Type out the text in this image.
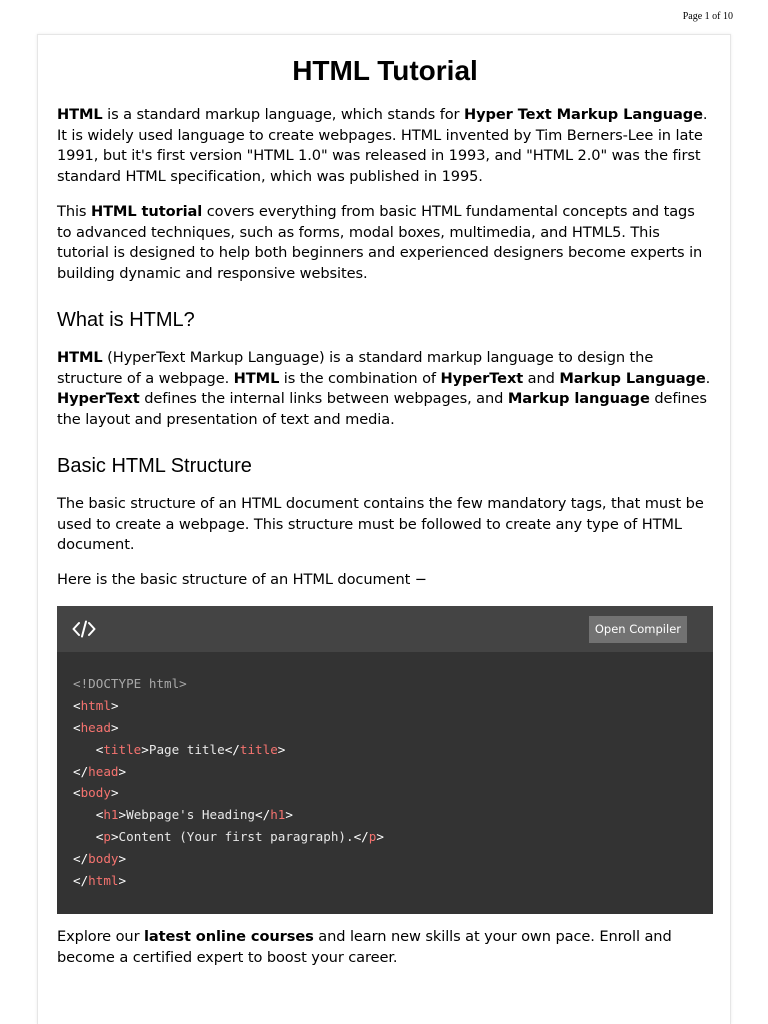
Page 1 of 10
HTML Tutorial

HTML is a standard markup language, which stands for Hyper Text Markup Language. It is widely used language to create webpages. HTML invented by Tim Berners-Lee in late 1991, but it's first version "HTML 1.0" was released in 1993, and "HTML 2.0" was the first standard HTML specification, which was published in 1995.

This HTML tutorial covers everything from basic HTML fundamental concepts and tags to advanced techniques, such as forms, modal boxes, multimedia, and HTML5. This tutorial is designed to help both beginners and experienced designers become experts in building dynamic and responsive websites.

What is HTML?

HTML (HyperText Markup Language) is a standard markup language to design the structure of a webpage. HTML is the combination of HyperText and Markup Language. HyperText defines the internal links between webpages, and Markup language defines the layout and presentation of text and media.

Basic HTML Structure

The basic structure of an HTML document contains the few mandatory tags, that must be used to create a webpage. This structure must be followed to create any type of HTML document.

Here is the basic structure of an HTML document −

Open Compiler
<!DOCTYPE html>
<html>
<head>
<title>Page title</title>
</head>
<body>
<h1>Webpage's Heading</h1>
<p>Content (Your first paragraph).</p>
</body>
</html>

Explore our latest online courses and learn new skills at your own pace. Enroll and become a certified expert to boost your career.
